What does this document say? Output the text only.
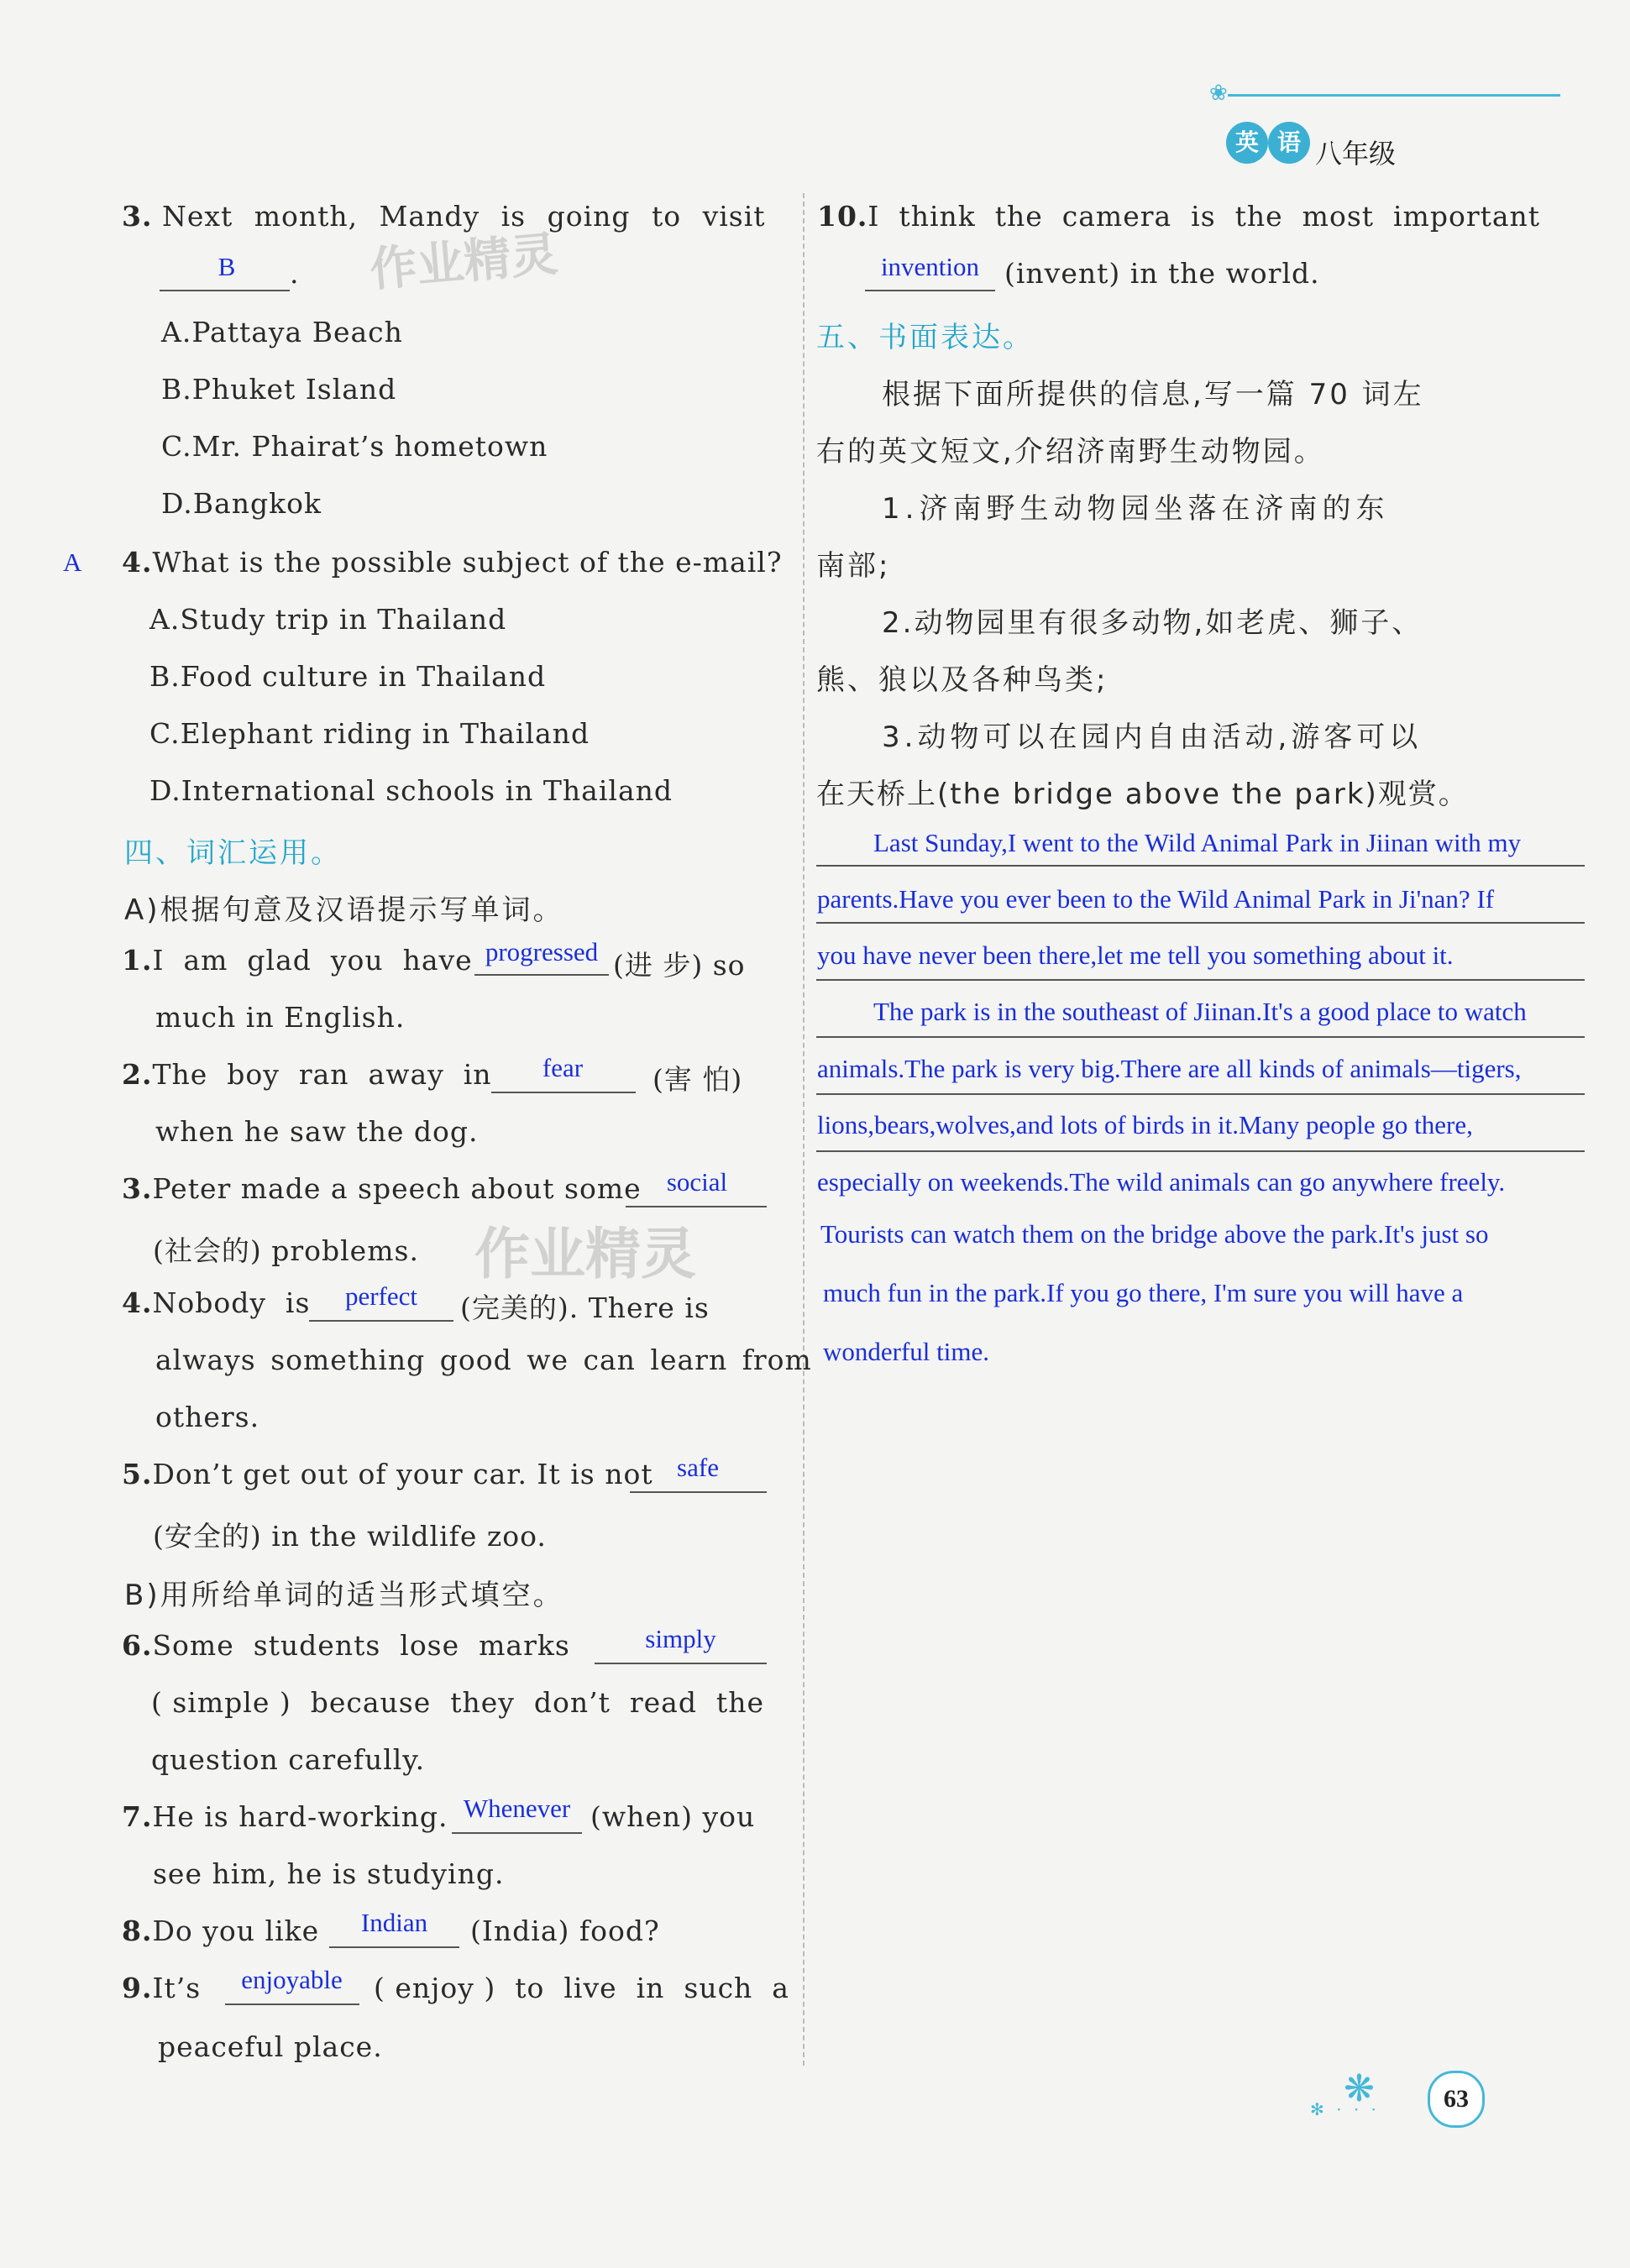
❀
英 语 八年级
作业精灵
作业精灵
3. Next month, Mandy is going to visit
B	.
A.Pattaya Beach
B.Phuket Island
C.Mr. Phairat’s hometown
D.Bangkok
A 4.What is the possible subject of the e-mail?
A.Study trip in Thailand
B.Food culture in Thailand
C.Elephant riding in Thailand
D.International schools in Thailand
四、词汇运用。
A)根据句意及汉语提示写单词。
1.I  am  glad  you  have progressed (进 步) so
much in English.
2.The  boy  ran  away  in	fear	(害 怕)
when he saw the dog.
3.Peter made a speech about some social
(社会的) problems.
4.Nobody  is	perfect	(完美的). There is
always something good we can learn from
others.
5.Don’t get out of your car. It is not safe
(安全的) in the wildlife zoo.
B)用所给单词的适当形式填空。
6.Some  students  lose  marks	simply
( simple )  because  they  don’t  read  the
question carefully.
7.He is hard-working. Whenever (when) you
see him, he is studying.
8.Do you like	Indian	(India) food?
9.It’s	enjoyable	( enjoy )  to  live  in  such  a
peaceful place.
10.I  think  the  camera  is  the  most  important
invention (invent) in the world.
五、书面表达。
根据下面所提供的信息,写一篇 70 词左
右的英文短文,介绍济南野生动物园。
1.济南野生动物园坐落在济南的东
南部;
2.动物园里有很多动物,如老虎、狮子、
熊、狼以及各种鸟类;
3.动物可以在园内自由活动,游客可以
在天桥上(the bridge above the park)观赏。
Last Sunday,I went to the Wild Animal Park in Jiinan with my
parents.Have you ever been to the Wild Animal Park in Ji'nan? If
you have never been there,let me tell you something about it.
The park is in the southeast of Jiinan.It's a good place to watch
animals.The park is very big.There are all kinds of animals—tigers,
lions,bears,wolves,and lots of birds in it.Many people go there,
especially on weekends.The wild animals can go anywhere freely.
Tourists can watch them on the bridge above the park.It's just so
much fun in the park.If you go there, I'm sure you will have a
wonderful time.
❋
✻ · · ·	63
